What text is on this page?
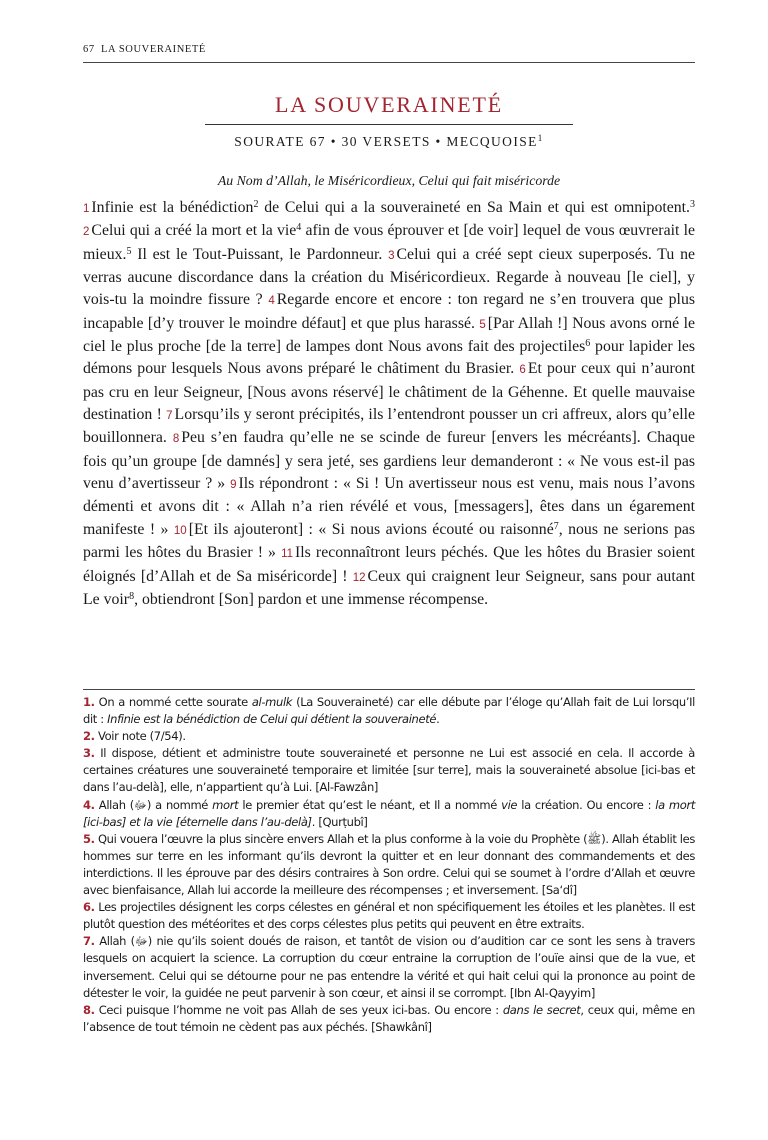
67 LA SOUVERAINETÉ
LA SOUVERAINETÉ
SOURATE 67 • 30 VERSETS • MECQUOISE$^1$
Au Nom d’Allah, le Miséricordieux, Celui qui fait miséricorde
1 Infinie est la bénédiction$^2$ de Celui qui a la souveraineté en Sa Main et qui est omnipotent.$^3$ 2 Celui qui a créé la mort et la vie$^4$ afin de vous éprouver et [de voir] lequel de vous œuvrerait le mieux.$^5$ Il est le Tout-Puissant, le Pardonneur. 3 Celui qui a créé sept cieux superposés. Tu ne verras aucune discordance dans la création du Miséricordieux. Regarde à nouveau [le ciel], y vois-tu la moindre fissure ? 4 Regarde encore et encore : ton regard ne s’en trouvera que plus incapable [d’y trouver le moindre défaut] et que plus harassé. 5 [Par Allah !] Nous avons orné le ciel le plus proche [de la terre] de lampes dont Nous avons fait des projectiles$^6$ pour lapider les démons pour lesquels Nous avons préparé le châtiment du Brasier. 6 Et pour ceux qui n’auront pas cru en leur Seigneur, [Nous avons réservé] le châtiment de la Géhenne. Et quelle mauvaise destination ! 7 Lorsqu’ils y seront précipités, ils l’entendront pousser un cri affreux, alors qu’elle bouillonnera. 8 Peu s’en faudra qu’elle ne se scinde de fureur [envers les mécréants]. Chaque fois qu’un groupe [de damnés] y sera jeté, ses gardiens leur demanderont : « Ne vous est-il pas venu d’avertisseur ? » 9 Ils répondront : « Si ! Un avertisseur nous est venu, mais nous l’avons démenti et avons dit : « Allah n’a rien révélé et vous, [messagers], êtes dans un égarement manifeste ! » 10 [Et ils ajouteront] : « Si nous avions écouté ou raisonné$^7$, nous ne serions pas parmi les hôtes du Brasier ! » 11 Ils reconnaîtront leurs péchés. Que les hôtes du Brasier soient éloignés [d’Allah et de Sa miséricorde] ! 12 Ceux qui craignent leur Seigneur, sans pour autant Le voir$^8$, obtiendront [Son] pardon et une immense récompense.

1. On a nommé cette sourate al-mulk (La Souveraineté) car elle débute par l’éloge qu’Allah fait de Lui lorsqu’Il dit : Infinie est la bénédiction de Celui qui détient la souveraineté.

2. Voir note (7/54).

3. Il dispose, détient et administre toute souveraineté et personne ne Lui est associé en cela. Il accorde à certaines créatures une souveraineté temporaire et limitée [sur terre], mais la souveraineté absolue [ici-bas et dans l’au-delà], elle, n’appartient qu’à Lui. [Al-Fawzân]

4. Allah (ﷻ) a nommé mort le premier état qu’est le néant, et Il a nommé vie la création. Ou encore : la mort [ici-bas] et la vie [éternelle dans l’au-delà]. [Qurṭubî]

5. Qui vouera l’œuvre la plus sincère envers Allah et la plus conforme à la voie du Prophète (ﷺ). Allah établit les hommes sur terre en les informant qu’ils devront la quitter et en leur donnant des commandements et des interdictions. Il les éprouve par des désirs contraires à Son ordre. Celui qui se soumet à l’ordre d’Allah et œuvre avec bienfaisance, Allah lui accorde la meilleure des récompenses ; et inversement. [Sa‘dî]

6. Les projectiles désignent les corps célestes en général et non spécifiquement les étoiles et les planètes. Il est plutôt question des météorites et des corps célestes plus petits qui peuvent en être extraits.

7. Allah (ﷻ) nie qu’ils soient doués de raison, et tantôt de vision ou d’audition car ce sont les sens à travers lesquels on acquiert la science. La corruption du cœur entraine la corruption de l’ouïe ainsi que de la vue, et inversement. Celui qui se détourne pour ne pas entendre la vérité et qui hait celui qui la prononce au point de détester le voir, la guidée ne peut parvenir à son cœur, et ainsi il se corrompt. [Ibn Al-Qayyim]

8. Ceci puisque l’homme ne voit pas Allah de ses yeux ici-bas. Ou encore : dans le secret, ceux qui, même en l’absence de tout témoin ne cèdent pas aux péchés. [Shawkânî]
